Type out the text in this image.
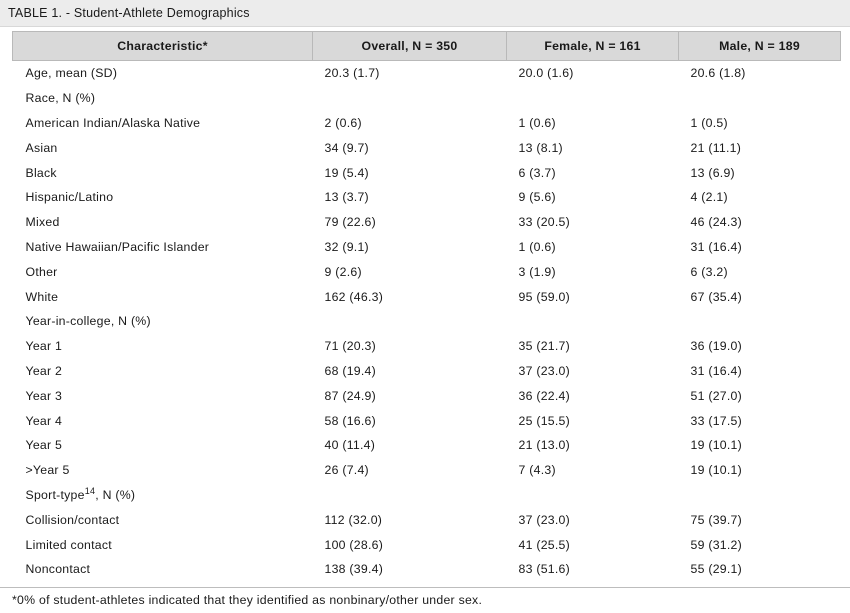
TABLE 1. - Student-Athlete Demographics
Characteristic*	Overall, N = 350	Female, N = 161	Male, N = 189
Age, mean (SD)	20.3 (1.7)	20.0 (1.6)	20.6 (1.8)
Race, N (%)			
American Indian/Alaska Native	2 (0.6)	1 (0.6)	1 (0.5)
Asian	34 (9.7)	13 (8.1)	21 (11.1)
Black	19 (5.4)	6 (3.7)	13 (6.9)
Hispanic/Latino	13 (3.7)	9 (5.6)	4 (2.1)
Mixed	79 (22.6)	33 (20.5)	46 (24.3)
Native Hawaiian/Pacific Islander	32 (9.1)	1 (0.6)	31 (16.4)
Other	9 (2.6)	3 (1.9)	6 (3.2)
White	162 (46.3)	95 (59.0)	67 (35.4)
Year-in-college, N (%)			
Year 1	71 (20.3)	35 (21.7)	36 (19.0)
Year 2	68 (19.4)	37 (23.0)	31 (16.4)
Year 3	87 (24.9)	36 (22.4)	51 (27.0)
Year 4	58 (16.6)	25 (15.5)	33 (17.5)
Year 5	40 (11.4)	21 (13.0)	19 (10.1)
>Year 5	26 (7.4)	7 (4.3)	19 (10.1)
Sport-type$^{14}$, N (%)			
Collision/contact	112 (32.0)	37 (23.0)	75 (39.7)
Limited contact	100 (28.6)	41 (25.5)	59 (31.2)
Noncontact	138 (39.4)	83 (51.6)	55 (29.1)
*0% of student-athletes indicated that they identified as nonbinary/other under sex.
